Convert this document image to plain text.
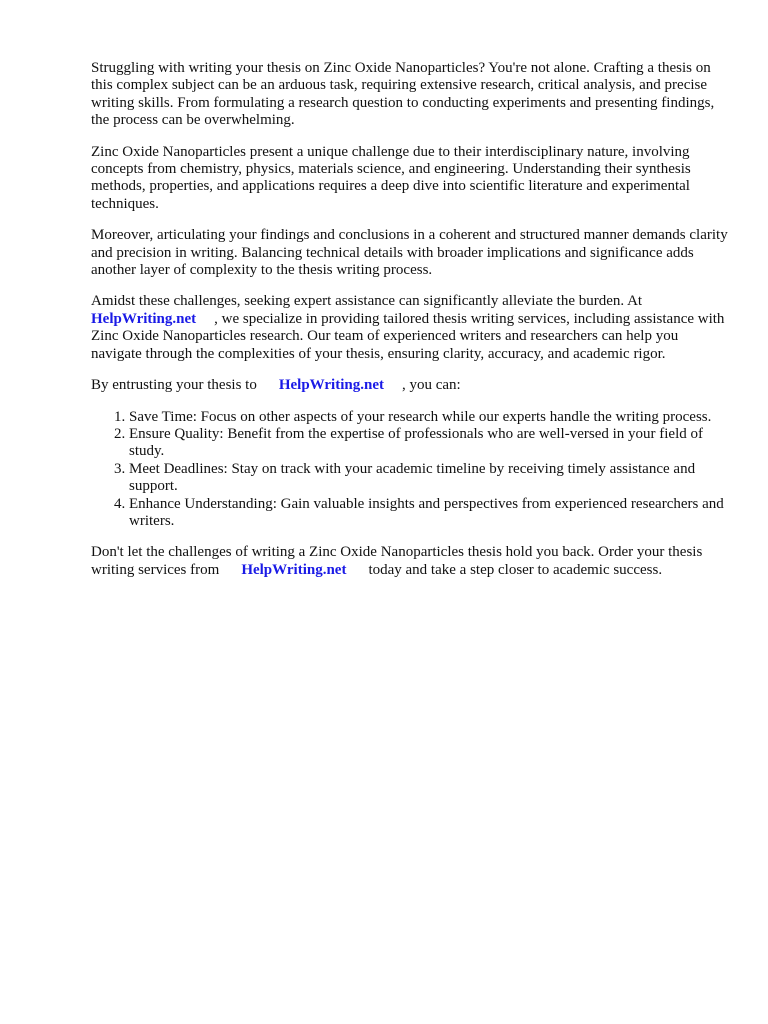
Struggling with writing your thesis on Zinc Oxide Nanoparticles? You're not alone. Crafting a thesis on this complex subject can be an arduous task, requiring extensive research, critical analysis, and precise writing skills. From formulating a research question to conducting experiments and presenting findings, the process can be overwhelming.

Zinc Oxide Nanoparticles present a unique challenge due to their interdisciplinary nature, involving concepts from chemistry, physics, materials science, and engineering. Understanding their synthesis methods, properties, and applications requires a deep dive into scientific literature and experimental techniques.

Moreover, articulating your findings and conclusions in a coherent and structured manner demands clarity and precision in writing. Balancing technical details with broader implications and significance adds another layer of complexity to the thesis writing process.

Amidst these challenges, seeking expert assistance can significantly alleviate the burden. At
HelpWriting.net , we specialize in providing tailored thesis writing services, including assistance with Zinc Oxide Nanoparticles research. Our team of experienced writers and researchers can help you navigate through the complexities of your thesis, ensuring clarity, accuracy, and academic rigor.

By entrusting your thesis to HelpWriting.net , you can:

1. Save Time: Focus on other aspects of your research while our experts handle the writing process.
2. Ensure Quality: Benefit from the expertise of professionals who are well-versed in your field of study.
3. Meet Deadlines: Stay on track with your academic timeline by receiving timely assistance and support.
4. Enhance Understanding: Gain valuable insights and perspectives from experienced researchers and writers.

Don't let the challenges of writing a Zinc Oxide Nanoparticles thesis hold you back. Order your thesis writing services from HelpWriting.net today and take a step closer to academic success.
